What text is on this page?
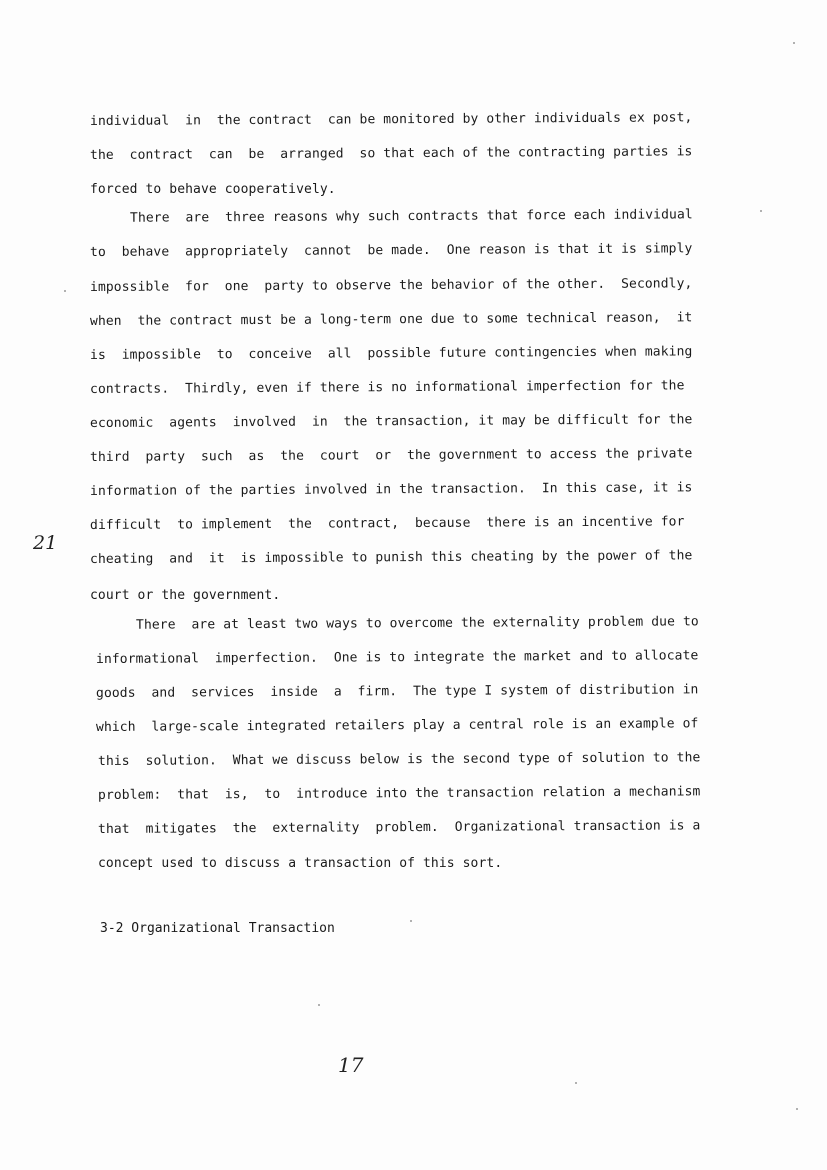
individual  in  the contract  can be monitored by other individuals ex post,
the  contract  can  be  arranged  so that each of the contracting parties is
forced to behave cooperatively.
There  are  three reasons why such contracts that force each individual
to  behave  appropriately  cannot  be made.  One reason is that it is simply
impossible  for  one  party to observe the behavior of the other.  Secondly,
when  the contract must be a long-term one due to some technical reason,  it
is  impossible  to  conceive  all  possible future contingencies when making
contracts.  Thirdly, even if there is no informational imperfection for the
economic  agents  involved  in  the transaction, it may be difficult for the
third  party  such  as  the  court  or  the government to access the private
information of the parties involved in the transaction.  In this case, it is
difficult  to implement  the  contract,  because  there is an incentive for
cheating  and  it  is impossible to punish this cheating by the power of the
court or the government.
There  are at least two ways to overcome the externality problem due to
informational  imperfection.  One is to integrate the market and to allocate
goods  and  services  inside  a  firm.  The type I system of distribution in
which  large-scale integrated retailers play a central role is an example of
this  solution.  What we discuss below is the second type of solution to the
problem:  that  is,  to  introduce into the transaction relation a mechanism
that  mitigates  the  externality  problem.  Organizational transaction is a
concept used to discuss a transaction of this sort.
3-2 Organizational Transaction
21
17
